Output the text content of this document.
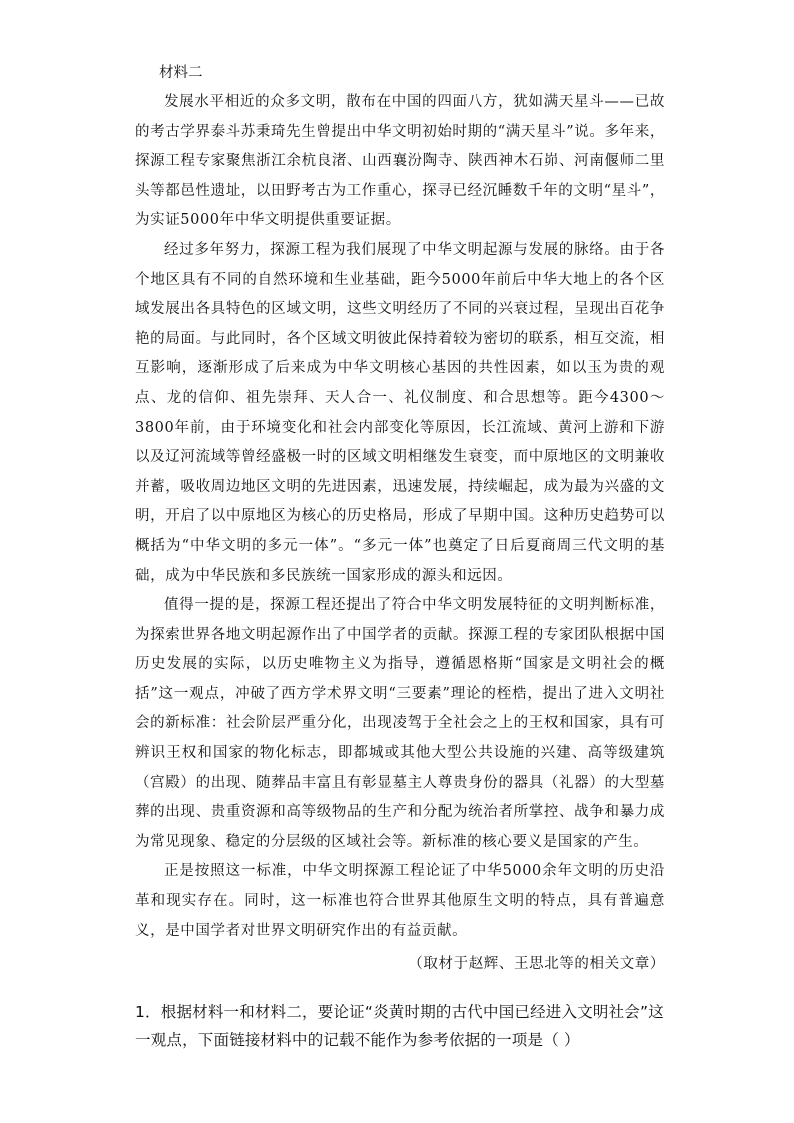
材料二

发展水平相近的众多文明，散布在中国的四面八方，犹如满天星斗——已故的考古学界泰斗苏秉琦先生曾提出中华文明初始时期的“满天星斗”说。多年来，探源工程专家聚焦浙江余杭良渚、山西襄汾陶寺、陕西神木石峁、河南偃师二里头等都邑性遗址，以田野考古为工作重心，探寻已经沉睡数千年的文明“星斗”，为实证5000年中华文明提供重要证据。

经过多年努力，探源工程为我们展现了中华文明起源与发展的脉络。由于各个地区具有不同的自然环境和生业基础，距今5000年前后中华大地上的各个区域发展出各具特色的区域文明，这些文明经历了不同的兴衰过程，呈现出百花争艳的局面。与此同时，各个区域文明彼此保持着较为密切的联系，相互交流，相互影响，逐渐形成了后来成为中华文明核心基因的共性因素，如以玉为贵的观点、龙的信仰、祖先崇拜、天人合一、礼仪制度、和合思想等。距今4300～3800年前，由于环境变化和社会内部变化等原因，长江流域、黄河上游和下游以及辽河流域等曾经盛极一时的区域文明相继发生衰变，而中原地区的文明兼收并蓄，吸收周边地区文明的先进因素，迅速发展，持续崛起，成为最为兴盛的文明，开启了以中原地区为核心的历史格局，形成了早期中国。这种历史趋势可以概括为“中华文明的多元一体”。“多元一体”也奠定了日后夏商周三代文明的基础，成为中华民族和多民族统一国家形成的源头和远因。

值得一提的是，探源工程还提出了符合中华文明发展特征的文明判断标准，为探索世界各地文明起源作出了中国学者的贡献。探源工程的专家团队根据中国历史发展的实际，以历史唯物主义为指导，遵循恩格斯“国家是文明社会的概括”这一观点，冲破了西方学术界文明“三要素”理论的桎梏，提出了进入文明社会的新标准：社会阶层严重分化，出现凌驾于全社会之上的王权和国家，具有可辨识王权和国家的物化标志，即都城或其他大型公共设施的兴建、高等级建筑（宫殿）的出现、随葬品丰富且有彰显墓主人尊贵身份的器具（礼器）的大型墓葬的出现、贵重资源和高等级物品的生产和分配为统治者所掌控、战争和暴力成为常见现象、稳定的分层级的区域社会等。新标准的核心要义是国家的产生。

正是按照这一标准，中华文明探源工程论证了中华5000余年文明的历史沿革和现实存在。同时，这一标准也符合世界其他原生文明的特点，具有普遍意义，是中国学者对世界文明研究作出的有益贡献。

（取材于赵辉、王思北等的相关文章）

1．根据材料一和材料二，要论证“炎黄时期的古代中国已经进入文明社会”这一观点，下面链接材料中的记载不能作为参考依据的一项是（ ）
